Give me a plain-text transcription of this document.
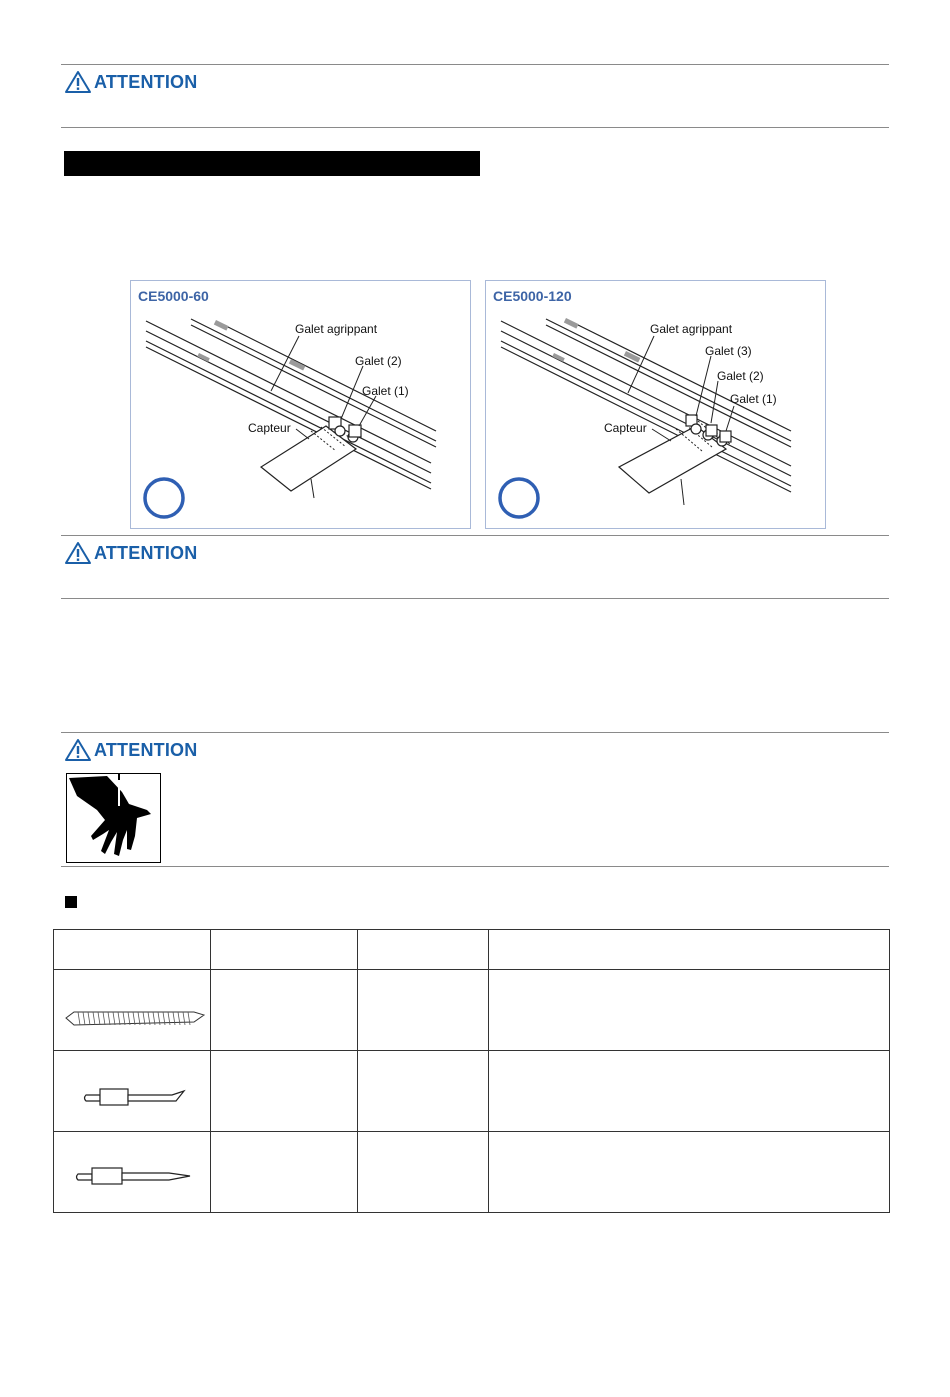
ATTENTION
CE5000-60
Galet agrippant
Galet (2)
Galet (1)
Capteur
CE5000-120
Galet agrippant
Galet (3)
Galet (2)
Galet (1)
Capteur
ATTENTION
ATTENTION
